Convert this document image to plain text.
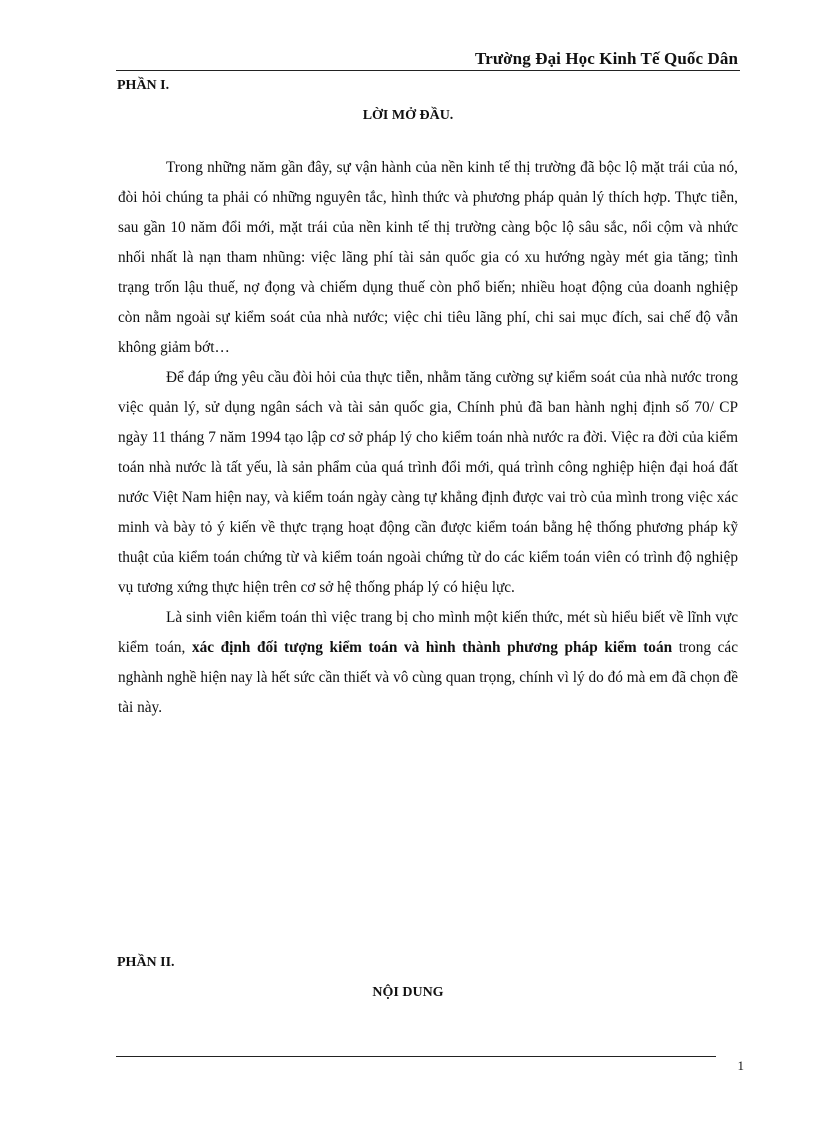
Trường Đại Học Kinh Tế Quốc Dân
PHẦN I.
LỜI MỞ ĐẦU.

Trong những năm gần đây, sự vận hành của nền kinh tế thị trường đã bộc lộ mặt trái của nó, đòi hỏi chúng ta phải có những nguyên tắc, hình thức và phương pháp quản lý thích hợp. Thực tiễn, sau gần 10 năm đổi mới, mặt trái của nền kinh tế thị trường càng bộc lộ sâu sắc, nổi cộm và nhức nhối nhất là nạn tham nhũng: việc lãng phí tài sản quốc gia có xu hướng ngày mét gia tăng; tình trạng trốn lậu thuế, nợ đọng và chiếm dụng thuế còn phổ biến; nhiều hoạt động của doanh nghiệp còn nằm ngoài sự kiểm soát của nhà nước; việc chi tiêu lãng phí, chi sai mục đích, sai chế độ vẫn không giảm bớt…

Để đáp ứng yêu cầu đòi hỏi của thực tiễn, nhằm tăng cường sự kiểm soát của nhà nước trong việc quản lý, sử dụng ngân sách và tài sản quốc gia, Chính phủ đã ban hành nghị định số 70/ CP ngày 11 tháng 7 năm 1994 tạo lập cơ sở pháp lý cho kiểm toán nhà nước ra đời. Việc ra đời của kiểm toán nhà nước là tất yếu, là sản phẩm của quá trình đổi mới, quá trình công nghiệp hiện đại hoá đất nước Việt Nam hiện nay, và kiểm toán ngày càng tự khẳng định được vai trò của mình trong việc xác minh và bày tỏ ý kiến về thực trạng hoạt động cần được kiểm toán bằng hệ thống phương pháp kỹ thuật của kiểm toán chứng từ và kiểm toán ngoài chứng từ do các kiểm toán viên có trình độ nghiệp vụ tương xứng thực hiện trên cơ sở hệ thống pháp lý có hiệu lực.

Là sinh viên kiểm toán thì việc trang bị cho mình một kiến thức, mét sù hiểu biết về lĩnh vực kiểm toán, xác định đối tượng kiểm toán và hình thành phương pháp kiểm toán trong các nghành nghề hiện nay là hết sức cần thiết và vô cùng quan trọng, chính vì lý do đó mà em đã chọn đề tài này.

PHẦN II.
NỘI DUNG
1
